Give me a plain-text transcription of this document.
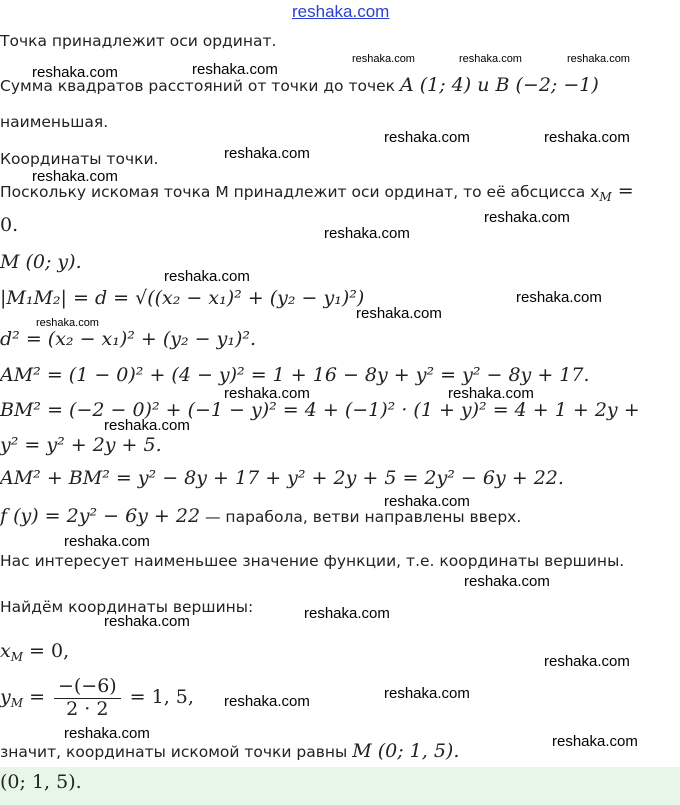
reshaka.com
Точка принадлежит оси ординат.
Сумма квадратов расстояний от точки до точек A (1; 4) и B (−2; −1)
наименьшая.
Координаты точки.
Поскольку искомая точка M принадлежит оси ординат, то её абсцисса $x_M$ =
0.
M (0; y).
|M₁M₂| = d = √((x₂ − x₁)² + (y₂ − y₁)²)
d² = (x₂ − x₁)² + (y₂ − y₁)².
AM² = (1 − 0)² + (4 − y)² = 1 + 16 − 8y + y² = y² − 8y + 17.
BM² = (−2 − 0)² + (−1 − y)² = 4 + (−1)² · (1 + y)² = 4 + 1 + 2y +
y² = y² + 2y + 5.
AM² + BM² = y² − 8y + 17 + y² + 2y + 5 = 2y² − 6y + 22.
f (y) = 2y² − 6y + 22 — парабола, ветви направлены вверх.
Нас интересует наименьшее значение функции, т.е. координаты вершины.
Найдём координаты вершины:
$x_M = 0$,
$y_M = \frac{-(-6)}{2 \cdot 2} = 1$, 5,
значит, координаты искомой точки равны M (0; 1, 5).
(0; 1, 5).
reshaka.com	reshaka.com	reshaka.com
reshaka.com	reshaka.com
reshaka.com	reshaka.com
reshaka.com
reshaka.com
reshaka.com
reshaka.com
reshaka.com
reshaka.com
reshaka.com
reshaka.com
reshaka.com	reshaka.com
reshaka.com
reshaka.com
reshaka.com
reshaka.com
reshaka.com
reshaka.com
reshaka.com
reshaka.com
reshaka.com
reshaka.com	reshaka.com
